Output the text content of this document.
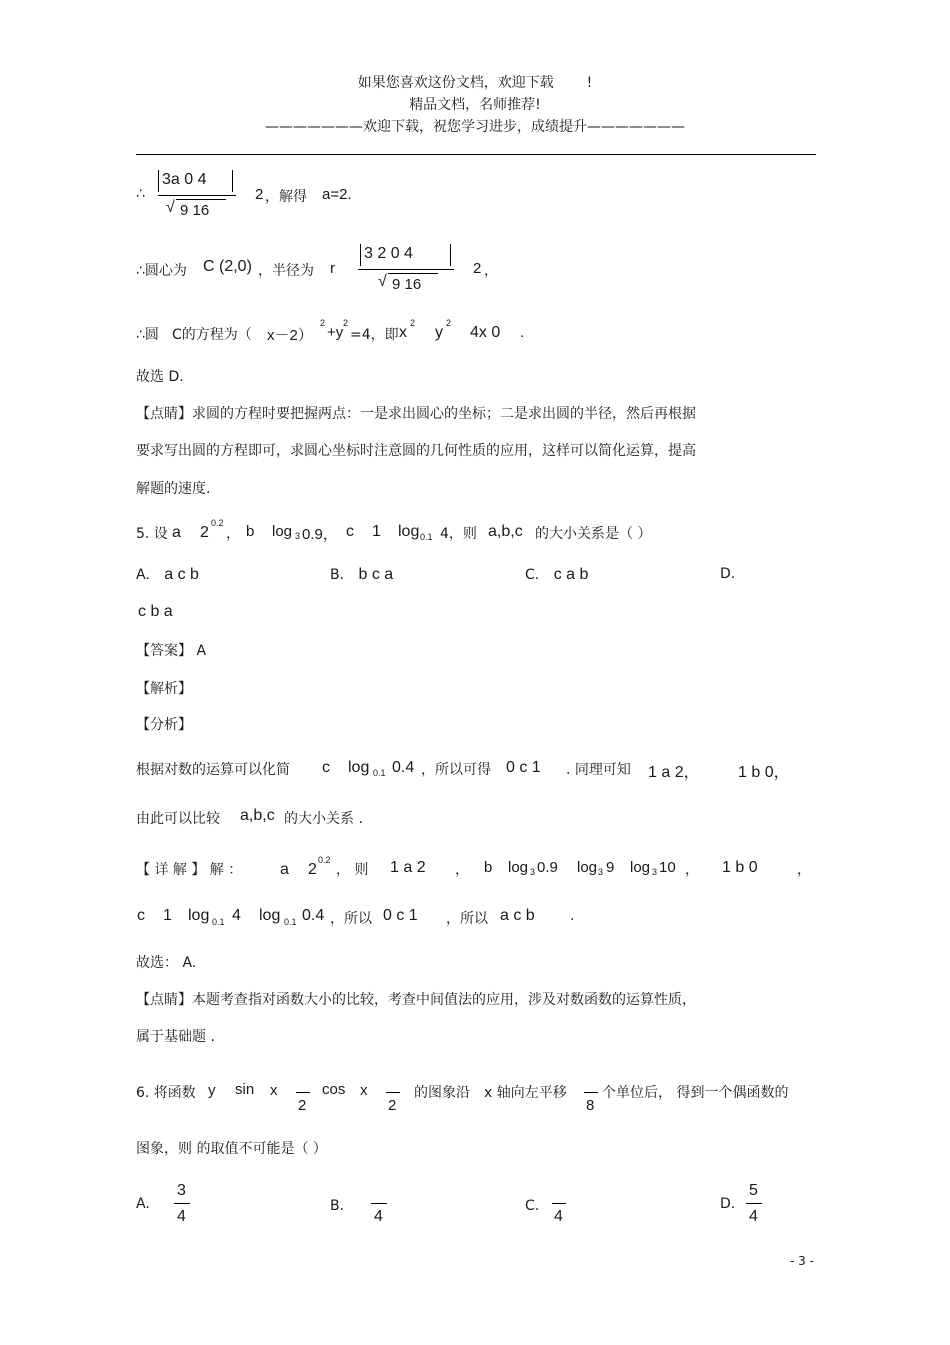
如果您喜欢这份文档，欢迎下载 !
精品文档，名师推荐!
———————欢迎下载，祝您学习进步，成绩提升———————
∴
3a 0 4
√ 9 16
2 ，解得 a=2.
∴圆心为 C (2,0) ，半径为 r
3 2 0 4
√ 9 16
2 ，
∴圆 C的方程为（ x－2）
2
+y
2
=4，即 x
2
y
2
4x 0 .
故选 D.
【点睛】求圆的方程时要把握两点：一是求出圆心的坐标；二是求出圆的半径，然后再根据
要求写出圆的方程即可，求圆心坐标时注意圆的几何性质的应用，这样可以简化运算，提高
解题的速度.
5. 设 a 2
0.2
， b log 3 0.9， c 1 log 0.1 4，则 a,b,c 的大小关系是（ ）
A. a c b	B. b c a	C. c a b	D.
c b a
【答案】 A
【解析】
【分析】
根据对数的运算可以化简 c log 0.1 0.4 ，所以可得 0 c 1 . 同理可知 1 a 2， 1 b 0，
由此可以比较 a,b,c 的大小关系 .
【 详 解 】 解 ： a 2
0.2
， 则 1 a 2 ， b log 3 0.9 log 3 9 log 3 10 ， 1 b 0	，
c 1 log 0.1 4 log 0.1 0.4 ，所以 0 c 1 ，所以 a c b	.
故选： A.
【点睛】本题考查指对函数大小的比较，考查中间值法的应用，涉及对数函数的运算性质，
属于基础题 .
6. 将函数 y sin x
2
cos x
2
的图象沿 x 轴向左平移
8
个单位后， 得到一个偶函数的
图象，则 的取值不可能是（ ）
A.
3
4
B.
4
C.
4
D.
5
4
- 3 -
